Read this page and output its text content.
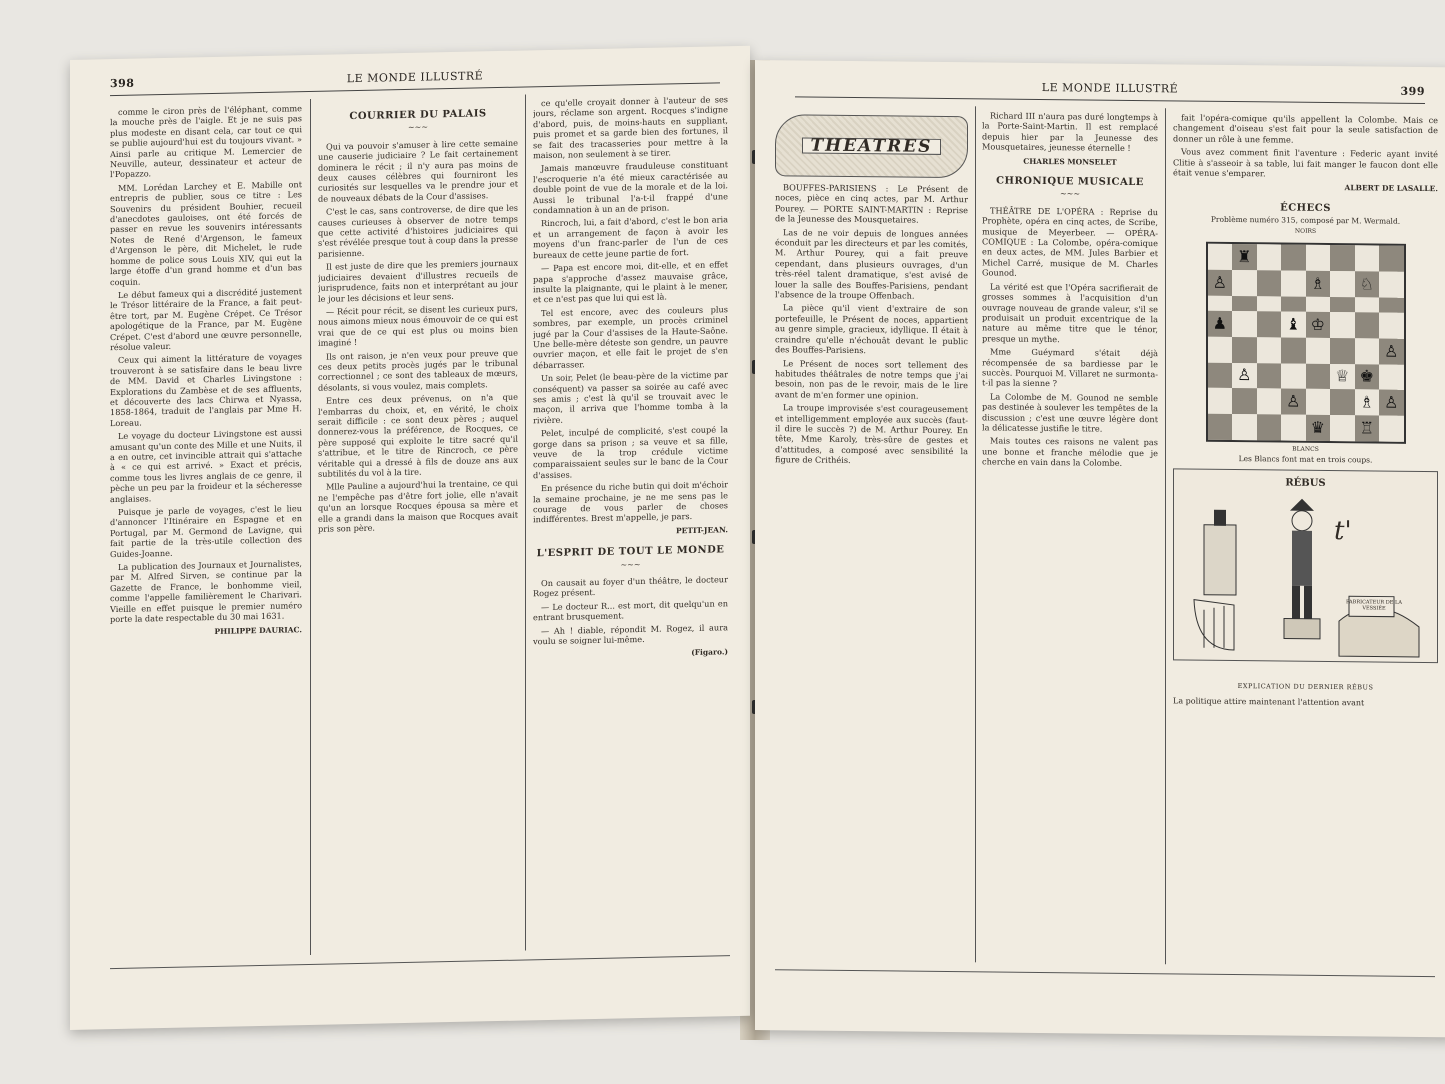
398	LE MONDE ILLUSTRÉ

comme le ciron près de l'éléphant, comme la mouche près de l'aigle. Et je ne suis pas plus modeste en disant cela, car tout ce qui se publie aujourd'hui est du toujours vivant. » Ainsi parle au critique M. Lemercier de Neuville, auteur, dessinateur et acteur de l'Popazzo.

MM. Lorédan Larchey et E. Mabille ont entrepris de publier, sous ce titre : Les Souvenirs du président Bouhier, recueil d'anecdotes gauloises, ont été forcés de passer en revue les souvenirs intéressants Notes de René d'Argenson, le fameux d'Argenson le père, dit Michelet, le rude homme de police sous Louis XIV, qui eut la large étoffe d'un grand homme et d'un bas coquin.

Le début fameux qui a discrédité justement le Trésor littéraire de la France, a fait peut-être tort, par M. Eugène Crépet. Ce Trésor apologétique de la France, par M. Eugène Crépet. C'est d'abord une œuvre personnelle, résolue valeur.

Ceux qui aiment la littérature de voyages trouveront à se satisfaire dans le beau livre de MM. David et Charles Livingstone : Explorations du Zambèse et de ses affluents, et découverte des lacs Chirwa et Nyassa, 1858-1864, traduit de l'anglais par Mme H. Loreau.

Le voyage du docteur Livingstone est aussi amusant qu'un conte des Mille et une Nuits, il a en outre, cet invincible attrait qui s'attache à « ce qui est arrivé. » Exact et précis, comme tous les livres anglais de ce genre, il pèche un peu par la froideur et la sécheresse anglaises.

Puisque je parle de voyages, c'est le lieu d'annoncer l'Itinéraire en Espagne et en Portugal, par M. Germond de Lavigne, qui fait partie de la très-utile collection des Guides-Joanne.

La publication des Journaux et Journalistes, par M. Alfred Sirven, se continue par la Gazette de France, le bonhomme vieil, comme l'appelle familièrement le Charivari. Vieille en effet puisque le premier numéro porte la date respectable du 30 mai 1631.

PHILIPPE DAURIAC.
COURRIER DU PALAIS
~~~

Qui va pouvoir s'amuser à lire cette semaine une causerie judiciaire ? Le fait certainement dominera le récit ; il n'y aura pas moins de deux causes célèbres qui fourniront les curiosités sur lesquelles va le prendre jour et de nouveaux débats de la Cour d'assises.

C'est le cas, sans controverse, de dire que les causes curieuses à observer de notre temps que cette activité d'histoires judiciaires qui s'est révélée presque tout à coup dans la presse parisienne.

Il est juste de dire que les premiers journaux judiciaires devaient d'illustres recueils de jurisprudence, faits non et interprétant au jour le jour les décisions et leur sens.

— Récit pour récit, se disent les curieux purs, nous aimons mieux nous émouvoir de ce qui est vrai que de ce qui est plus ou moins bien imaginé !

Ils ont raison, je n'en veux pour preuve que ces deux petits procès jugés par le tribunal correctionnel ; ce sont des tableaux de mœurs, désolants, si vous voulez, mais complets.

Entre ces deux prévenus, on n'a que l'embarras du choix, et, en vérité, le choix serait difficile : ce sont deux pères ; auquel donnerez-vous la préférence, de Rocques, ce père supposé qui exploite le titre sacré qu'il s'attribue, et le titre de Rincroch, ce père véritable qui a dressé à fils de douze ans aux subtilités du vol à la tire.

Mlle Pauline a aujourd'hui la trentaine, ce qui ne l'empêche pas d'être fort jolie, elle n'avait qu'un an lorsque Rocques épousa sa mère et elle a grandi dans la maison que Rocques avait pris son père.

ce qu'elle croyait donner à l'auteur de ses jours, réclame son argent. Rocques s'indigne d'abord, puis, de moins-hauts en suppliant, puis promet et sa garde bien des fortunes, il se fait des tracasseries pour mettre à la maison, non seulement à se tirer.

Jamais manœuvre frauduleuse constituant l'escroquerie n'a été mieux caractérisée au double point de vue de la morale et de la loi. Aussi le tribunal l'a-t-il frappé d'une condamnation à un an de prison.

Rincroch, lui, a fait d'abord, c'est le bon aria et un arrangement de façon à avoir les moyens d'un franc-parler de l'un de ces bureaux de cette jeune partie de fort.

— Papa est encore moi, dit-elle, et en effet papa s'approche d'assez mauvaise grâce, insulte la plaignante, qui le plaint à le mener, et ce n'est pas que lui qui est là.

Tel est encore, avec des couleurs plus sombres, par exemple, un procès criminel jugé par la Cour d'assises de la Haute-Saône. Une belle-mère déteste son gendre, un pauvre ouvrier maçon, et elle fait le projet de s'en débarrasser.

Un soir, Pelet (le beau-père de la victime par conséquent) va passer sa soirée au café avec ses amis ; c'est là qu'il se trouvait avec le maçon, il arriva que l'homme tomba à la rivière.

Pelet, inculpé de complicité, s'est coupé la gorge dans sa prison ; sa veuve et sa fille, veuve de la trop crédule victime comparaissaient seules sur le banc de la Cour d'assises.

En présence du riche butin qui doit m'échoir la semaine prochaine, je ne me sens pas le courage de vous parler de choses indifférentes. Brest m'appelle, je pars.

PETIT-JEAN.
L'ESPRIT DE TOUT LE MONDE
~~~

On causait au foyer d'un théâtre, le docteur Rogez présent.

— Le docteur R... est mort, dit quelqu'un en entrant brusquement.

— Ah ! diable, répondit M. Rogez, il aura voulu se soigner lui-même.

(Figaro.)
LE MONDE ILLUSTRÉ	399
THEATRES

BOUFFES-PARISIENS : Le Présent de noces, pièce en cinq actes, par M. Arthur Pourey. — PORTE SAINT-MARTIN : Reprise de la Jeunesse des Mousquetaires.

Las de ne voir depuis de longues années éconduit par les directeurs et par les comités, M. Arthur Pourey, qui a fait preuve cependant, dans plusieurs ouvrages, d'un très-réel talent dramatique, s'est avisé de louer la salle des Bouffes-Parisiens, pendant l'absence de la troupe Offenbach.

La pièce qu'il vient d'extraire de son portefeuille, le Présent de noces, appartient au genre simple, gracieux, idyllique. Il était à craindre qu'elle n'échouât devant le public des Bouffes-Parisiens.

Le Présent de noces sort tellement des habitudes théâtrales de notre temps que j'ai besoin, non pas de le revoir, mais de le lire avant de m'en former une opinion.

La troupe improvisée s'est courageusement et intelligemment employée aux succès (faut-il dire le succès ?) de M. Arthur Pourey. En tête, Mme Karoly, très-sûre de gestes et d'attitudes, a composé avec sensibilité la figure de Crithéis.

Richard III n'aura pas duré longtemps à la Porte-Saint-Martin. Il est remplacé depuis hier par la Jeunesse des Mousquetaires, jeunesse éternelle !

CHARLES MONSELET
CHRONIQUE MUSICALE
~~~

THÉÂTRE DE L'OPÉRA : Reprise du Prophète, opéra en cinq actes, de Scribe, musique de Meyerbeer. — OPÉRA-COMIQUE : La Colombe, opéra-comique en deux actes, de MM. Jules Barbier et Michel Carré, musique de M. Charles Gounod.

La vérité est que l'Opéra sacrifierait de grosses sommes à l'acquisition d'un ouvrage nouveau de grande valeur, s'il se produisait un produit excentrique de la nature au même titre que le ténor, presque un mythe.

Mme Guéymard s'était déjà récompensée de sa bardiesse par le succès. Pourquoi M. Villaret ne surmonta-t-il pas la sienne ?

La Colombe de M. Gounod ne semble pas destinée à soulever les tempêtes de la discussion ; c'est une œuvre légère dont la délicatesse justifie le titre.

Mais toutes ces raisons ne valent pas une bonne et franche mélodie que je cherche en vain dans la Colombe.

fait l'opéra-comique qu'ils appellent la Colombe. Mais ce changement d'oiseau s'est fait pour la seule satisfaction de donner un rôle à une femme.

Vous avez comment finit l'aventure : Federic ayant invité Clitie à s'asseoir à sa table, lui fait manger le faucon dont elle était venue s'emparer.

ALBERT DE LASALLE.
ÉCHECS
Problème numéro 315, composé par M. Wermald.
NOIRS
♜
♙	♗	♘
♟	♝ ♔
♙
♙	♕ ♚
♙	♗ ♙
♛	♖
BLANCS
Les Blancs font mat en trois coups.
RÉBUS
t'
FABRICATEUR DE LA VESSIÉE
EXPLICATION DU DERNIER RÉBUS
La politique attire maintenant l'attention avant
